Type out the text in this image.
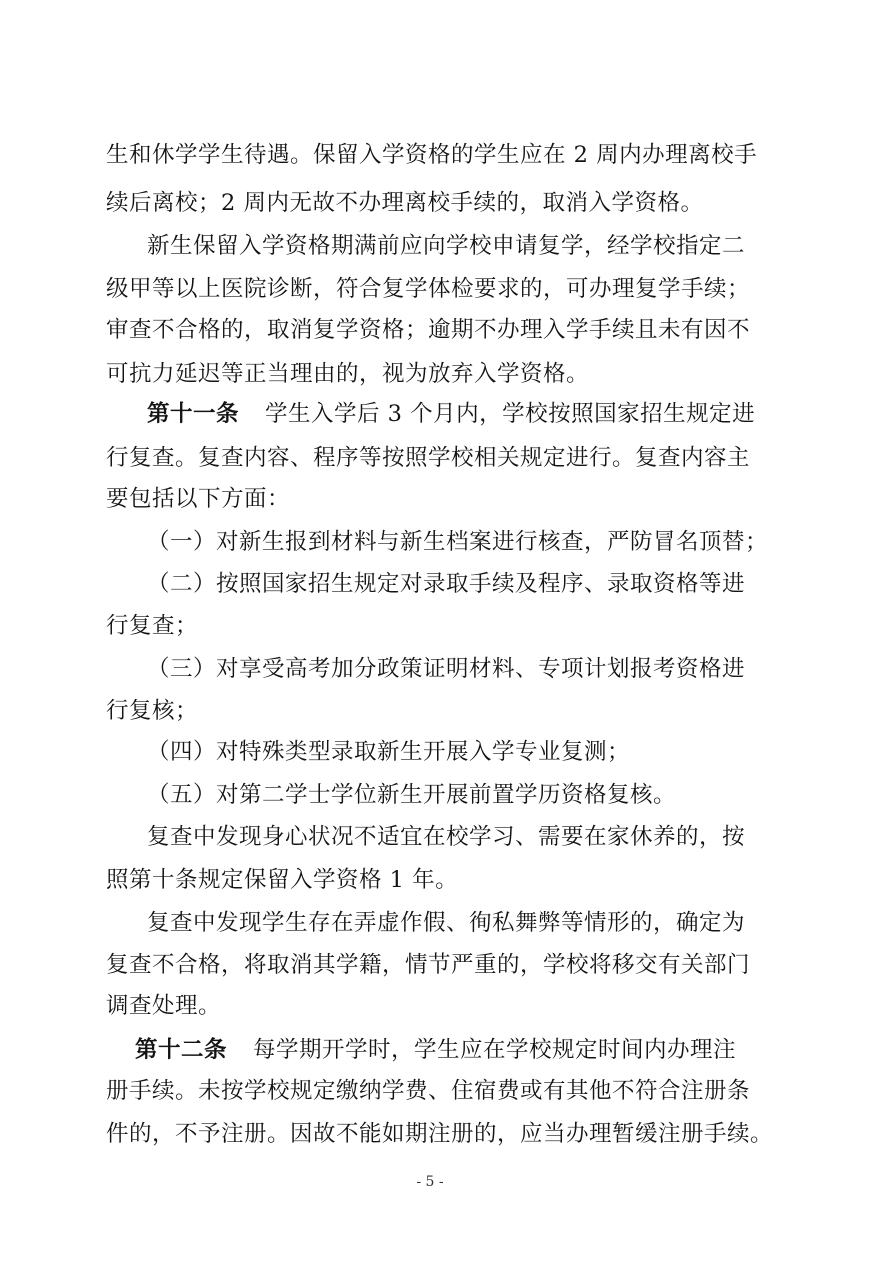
生和休学学生待遇。保留入学资格的学生应在 2 周内办理离校手
续后离校；2 周内无故不办理离校手续的，取消入学资格。
新生保留入学资格期满前应向学校申请复学，经学校指定二
级甲等以上医院诊断，符合复学体检要求的，可办理复学手续；
审查不合格的，取消复学资格；逾期不办理入学手续且未有因不
可抗力延迟等正当理由的，视为放弃入学资格。
第十一条 学生入学后 3 个月内，学校按照国家招生规定进
行复查。复查内容、程序等按照学校相关规定进行。复查内容主
要包括以下方面：
（一）对新生报到材料与新生档案进行核查，严防冒名顶替；
（二）按照国家招生规定对录取手续及程序、录取资格等进
行复查；
（三）对享受高考加分政策证明材料、专项计划报考资格进
行复核；
（四）对特殊类型录取新生开展入学专业复测；
（五）对第二学士学位新生开展前置学历资格复核。
复查中发现身心状况不适宜在校学习、需要在家休养的，按
照第十条规定保留入学资格 1 年。
复查中发现学生存在弄虚作假、徇私舞弊等情形的，确定为
复查不合格，将取消其学籍，情节严重的，学校将移交有关部门
调查处理。
第十二条 每学期开学时，学生应在学校规定时间内办理注
册手续。未按学校规定缴纳学费、住宿费或有其他不符合注册条
件的，不予注册。因故不能如期注册的，应当办理暂缓注册手续。
- 5 -
